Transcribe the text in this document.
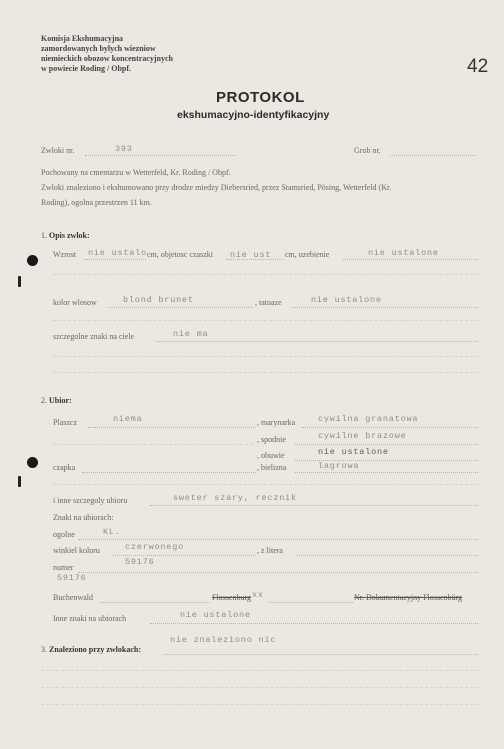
Komisja Ekshumacyjna
zamordowanych bylych wiezniow
niemieckich obozow koncentracyjnych
w powiecie Roding / Obpf.	42
PROTOKOL
ekshumacyjno-identyfikacyjny
Zwloki nr.	393	Grob nr.
Pochowany na cmentarzu w Wetterfeld, Kr. Roding / Obpf.
Zwloki znaleziono i ekshumowano przy drodze miedzy Diebersried, przez Stamsried, Pösing, Wetterfeld (Kr.
Roding), ogolna przestrzen 11 km.
1. Opis zwlok:
Wzrost nie ustalo cm, objetosc czaszki nie ust cm, uzebienie	nie ustalone
kolor wlosow	blond brunet	, tatuaze	nie ustalone
szczegolne znaki na ciele	nie ma
2. Ubior:
Plaszcz	niema	, marynarka	cywilna granatowa
, spodnie	cywilne brazowe
, obuwie	nie ustalone
czapka	, bielizna	lagrowa
i inne szczegoly ubioru	sweter szary, recznik
Znaki na ubiorach:
ogolne	KL.
winkiel koloru	czerwonego	, z litera
59176
numer
59176
Buchenwald	Flossenburg xx	Nr. Dokumentacyjny Flossenbürg
Inne znaki na ubiorach	nie ustalone
3. Znaleziono przy zwlokach:
nie znaleziono nic
